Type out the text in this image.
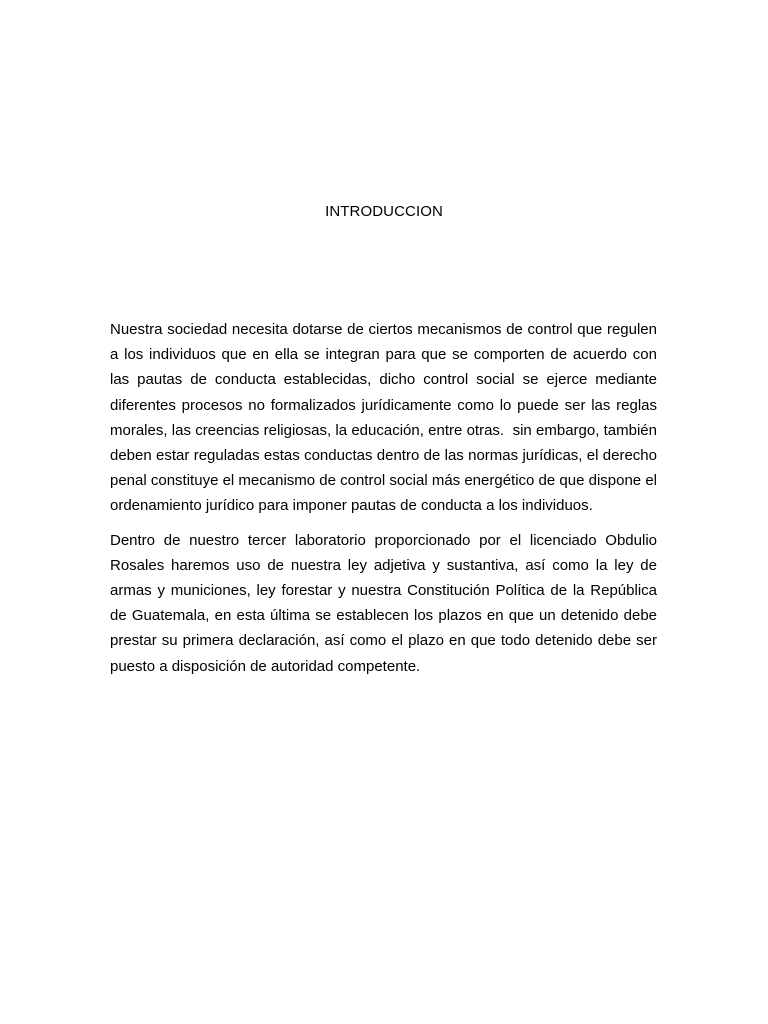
INTRODUCCION

Nuestra sociedad necesita dotarse de ciertos mecanismos de control que regulen a los individuos que en ella se integran para que se comporten de acuerdo con las pautas de conducta establecidas, dicho control social se ejerce mediante diferentes procesos no formalizados jurídicamente como lo puede ser las reglas morales, las creencias religiosas, la educación, entre otras.  sin embargo, también deben estar reguladas estas conductas dentro de las normas jurídicas, el derecho penal constituye el mecanismo de control social más energético de que dispone el ordenamiento jurídico para imponer pautas de conducta a los individuos.

Dentro de nuestro tercer laboratorio proporcionado por el licenciado Obdulio Rosales haremos uso de nuestra ley adjetiva y sustantiva, así como la ley de armas y municiones, ley forestar y nuestra Constitución Política de la República de Guatemala, en esta última se establecen los plazos en que un detenido debe prestar su primera declaración, así como el plazo en que todo detenido debe ser puesto a disposición de autoridad competente.
